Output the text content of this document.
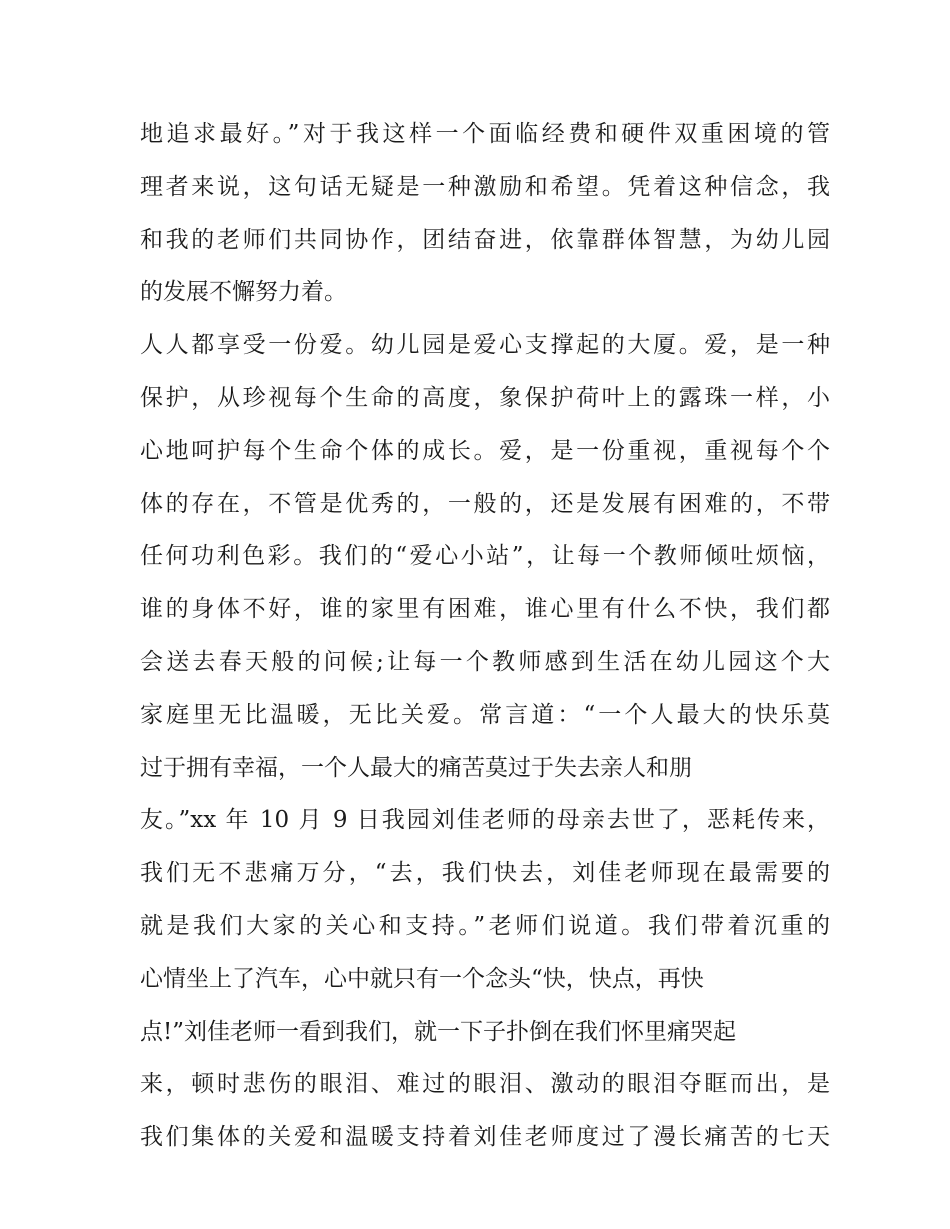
地追求最好。”对于我这样一个面临经费和硬件双重困境的管
理者来说，这句话无疑是一种激励和希望。凭着这种信念，我
和我的老师们共同协作，团结奋进，依靠群体智慧，为幼儿园
的发展不懈努力着。
人人都享受一份爱。幼儿园是爱心支撑起的大厦。爱，是一种
保护，从珍视每个生命的高度，象保护荷叶上的露珠一样，小
心地呵护每个生命个体的成长。爱，是一份重视，重视每个个
体的存在，不管是优秀的，一般的，还是发展有困难的，不带
任何功利色彩。我们的“爱心小站”，让每一个教师倾吐烦恼，
谁的身体不好，谁的家里有困难，谁心里有什么不快，我们都
会送去春天般的问候;让每一个教师感到生活在幼儿园这个大
家庭里无比温暖，无比关爱。常言道：“一个人最大的快乐莫
过于拥有幸福，一个人最大的痛苦莫过于失去亲人和朋
友。”xx 年 10 月 9 日我园刘佳老师的母亲去世了，恶耗传来，
我们无不悲痛万分，“去，我们快去，刘佳老师现在最需要的
就是我们大家的关心和支持。”老师们说道。我们带着沉重的
心情坐上了汽车，心中就只有一个念头“快，快点，再快
点!”刘佳老师一看到我们，就一下子扑倒在我们怀里痛哭起
来，顿时悲伤的眼泪、难过的眼泪、激动的眼泪夺眶而出，是
我们集体的关爱和温暖支持着刘佳老师度过了漫长痛苦的七天
